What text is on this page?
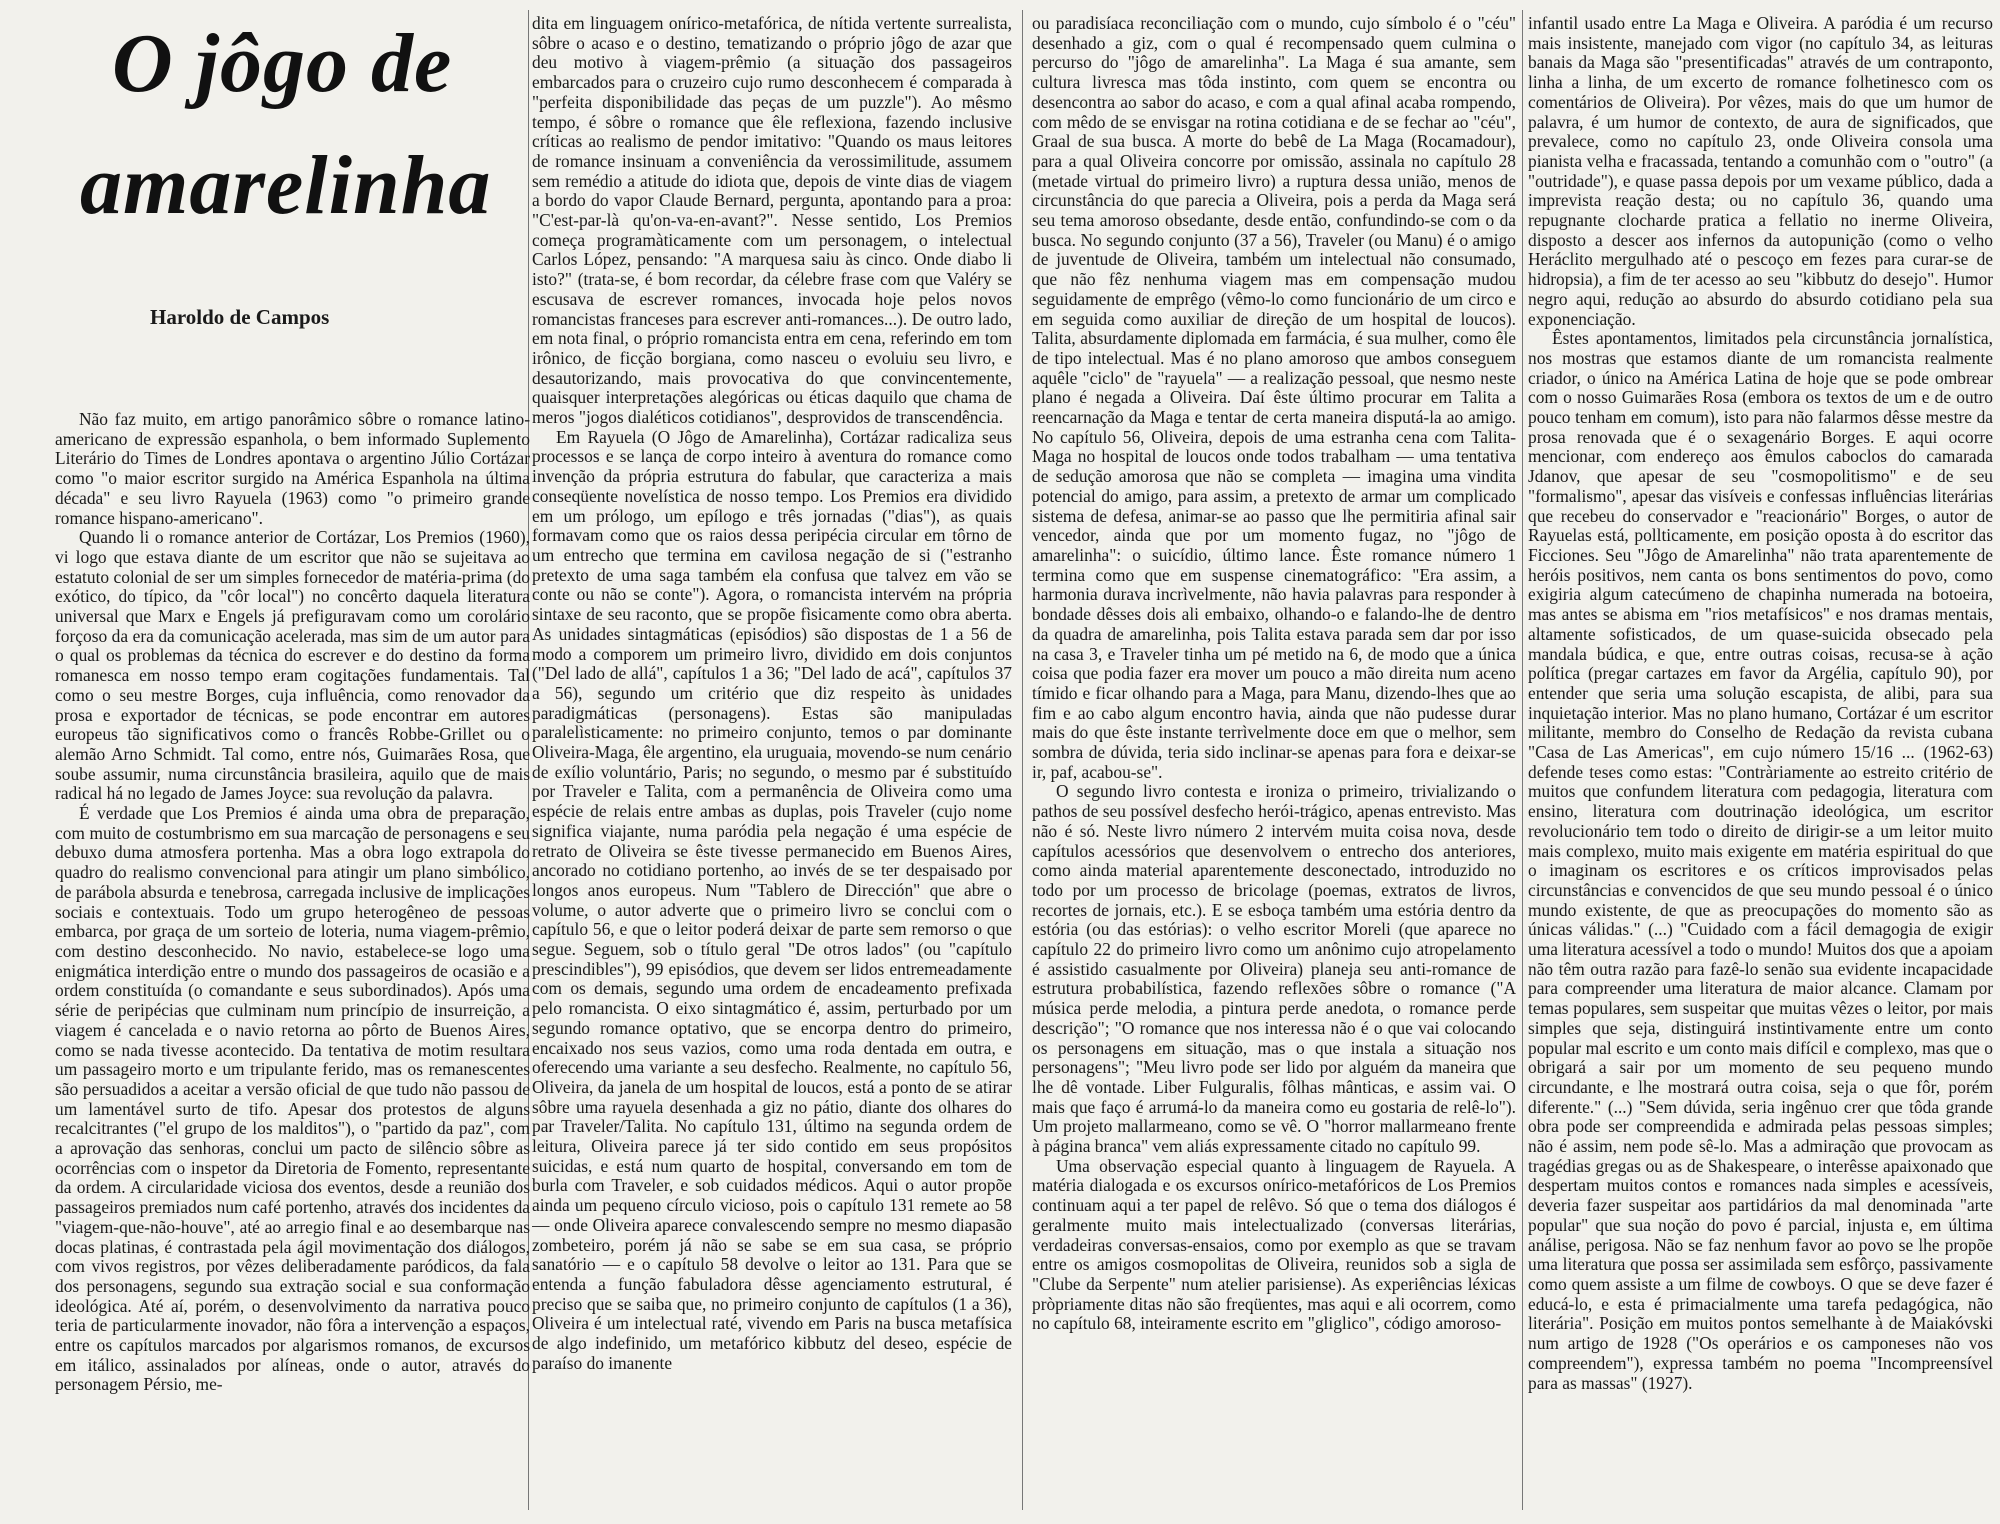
O jôgo de
amarelinha

Haroldo de Campos

Não faz muito, em artigo panorâmico sôbre o romance latino-americano de expressão espanhola, o bem informado Suplemento Literário do Times de Londres apontava o argentino Júlio Cortázar como "o maior escritor surgido na América Espanhola na última década" e seu livro Rayuela (1963) como "o primeiro grande romance hispano-americano".

Quando li o romance anterior de Cortázar, Los Premios (1960), vi logo que estava diante de um escritor que não se sujeitava ao estatuto colonial de ser um simples fornecedor de matéria-prima (do exótico, do típico, da "côr local") no concêrto daquela literatura universal que Marx e Engels já prefiguravam como um corolário forçoso da era da comunicação acelerada, mas sim de um autor para o qual os problemas da técnica do escrever e do destino da forma romanesca em nosso tempo eram cogitações fundamentais. Tal como o seu mestre Borges, cuja influência, como renovador da prosa e exportador de técnicas, se pode encontrar em autores europeus tão significativos como o francês Robbe-Grillet ou o alemão Arno Schmidt. Tal como, entre nós, Guimarães Rosa, que soube assumir, numa circunstância brasileira, aquilo que de mais radical há no legado de James Joyce: sua revolução da palavra.

É verdade que Los Premios é ainda uma obra de preparação, com muito de costumbrismo em sua marcação de personagens e seu debuxo duma atmosfera portenha. Mas a obra logo extrapola do quadro do realismo convencional para atingir um plano simbólico, de parábola absurda e tenebrosa, carregada inclusive de implicações sociais e contextuais. Todo um grupo heterogêneo de pessoas embarca, por graça de um sorteio de loteria, numa viagem-prêmio, com destino desconhecido. No navio, estabelece-se logo uma enigmática interdição entre o mundo dos passageiros de ocasião e a ordem constituída (o comandante e seus subordinados). Após uma série de peripécias que culminam num princípio de insurreição, a viagem é cancelada e o navio retorna ao pôrto de Buenos Aires, como se nada tivesse acontecido. Da tentativa de motim resultara um passageiro morto e um tripulante ferido, mas os remanescentes são persuadidos a aceitar a versão oficial de que tudo não passou de um lamentável surto de tifo. Apesar dos protestos de alguns recalcitrantes ("el grupo de los malditos"), o "partido da paz", com a aprovação das senhoras, conclui um pacto de silêncio sôbre as ocorrências com o inspetor da Diretoria de Fomento, representante da ordem. A circularidade viciosa dos eventos, desde a reunião dos passageiros premiados num café portenho, através dos incidentes da "viagem-que-não-houve", até ao arregio final e ao desembarque nas docas platinas, é contrastada pela ágil movimentação dos diálogos, com vivos registros, por vêzes deliberadamente paródicos, da fala dos personagens, segundo sua extração social e sua conformação ideológica. Até aí, porém, o desenvolvimento da narrativa pouco teria de particularmente inovador, não fôra a intervenção a espaços, entre os capítulos marcados por algarismos romanos, de excursos em itálico, assinalados por alíneas, onde o autor, através do personagem Pérsio, me-

dita em linguagem onírico-metafórica, de nítida vertente surrealista, sôbre o acaso e o destino, tematizando o próprio jôgo de azar que deu motivo à viagem-prêmio (a situação dos passageiros embarcados para o cruzeiro cujo rumo desconhecem é comparada à "perfeita disponibilidade das peças de um puzzle"). Ao mêsmo tempo, é sôbre o romance que êle reflexiona, fazendo inclusive críticas ao realismo de pendor imitativo: "Quando os maus leitores de romance insinuam a conveniência da verossimilitude, assumem sem remédio a atitude do idiota que, depois de vinte dias de viagem a bordo do vapor Claude Bernard, pergunta, apontando para a proa: "C'est-par-là qu'on-va-en-avant?". Nesse sentido, Los Premios começa programàticamente com um personagem, o intelectual Carlos López, pensando: "A marquesa saiu às cinco. Onde diabo li isto?" (trata-se, é bom recordar, da célebre frase com que Valéry se escusava de escrever romances, invocada hoje pelos novos romancistas franceses para escrever anti-romances...). De outro lado, em nota final, o próprio romancista entra em cena, referindo em tom irônico, de ficção borgiana, como nasceu o evoluiu seu livro, e desautorizando, mais provocativa do que convincentemente, quaisquer interpretações alegóricas ou éticas daquilo que chama de meros "jogos dialéticos cotidianos", desprovidos de transcendência.

Em Rayuela (O Jôgo de Amarelinha), Cortázar radicaliza seus processos e se lança de corpo inteiro à aventura do romance como invenção da própria estrutura do fabular, que caracteriza a mais conseqüente novelística de nosso tempo. Los Premios era dividido em um prólogo, um epílogo e três jornadas ("dias"), as quais formavam como que os raios dessa peripécia circular em tôrno de um entrecho que termina em cavilosa negação de si ("estranho pretexto de uma saga também ela confusa que talvez em vão se conte ou não se conte"). Agora, o romancista intervém na própria sintaxe de seu raconto, que se propõe fìsicamente como obra aberta. As unidades sintagmáticas (episódios) são dispostas de 1 a 56 de modo a comporem um primeiro livro, dividido em dois conjuntos ("Del lado de allá", capítulos 1 a 36; "Del lado de acá", capítulos 37 a 56), segundo um critério que diz respeito às unidades paradigmáticas (personagens). Estas são manipuladas paralelìsticamente: no primeiro conjunto, temos o par dominante Oliveira-Maga, êle argentino, ela uruguaia, movendo-se num cenário de exílio voluntário, Paris; no segundo, o mesmo par é substituído por Traveler e Talita, com a permanência de Oliveira como uma espécie de relais entre ambas as duplas, pois Traveler (cujo nome significa viajante, numa paródia pela negação é uma espécie de retrato de Oliveira se êste tivesse permanecido em Buenos Aires, ancorado no cotidiano portenho, ao invés de se ter despaisado por longos anos europeus. Num "Tablero de Dirección" que abre o volume, o autor adverte que o primeiro livro se conclui com o capítulo 56, e que o leitor poderá deixar de parte sem remorso o que segue. Seguem, sob o título geral "De otros lados" (ou "capítulo prescindibles"), 99 episódios, que devem ser lidos entremeadamente com os demais, segundo uma ordem de encadeamento prefixada pelo romancista. O eixo sintagmático é, assim, perturbado por um segundo romance optativo, que se encorpa dentro do primeiro, encaixado nos seus vazios, como uma roda dentada em outra, e oferecendo uma variante a seu desfecho. Realmente, no capítulo 56, Oliveira, da janela de um hospital de loucos, está a ponto de se atirar sôbre uma rayuela desenhada a giz no pátio, diante dos olhares do par Traveler/Talita. No capítulo 131, último na segunda ordem de leitura, Oliveira parece já ter sido contido em seus propósitos suicidas, e está num quarto de hospital, conversando em tom de burla com Traveler, e sob cuidados médicos. Aqui o autor propõe ainda um pequeno círculo vicioso, pois o capítulo 131 remete ao 58 — onde Oliveira aparece convalescendo sempre no mesmo diapasão zombeteiro, porém já não se sabe se em sua casa, se próprio sanatório — e o capítulo 58 devolve o leitor ao 131. Para que se entenda a função fabuladora dêsse agenciamento estrutural, é preciso que se saiba que, no primeiro conjunto de capítulos (1 a 36), Oliveira é um intelectual raté, vivendo em Paris na busca metafísica de algo indefinido, um metafórico kibbutz del deseo, espécie de paraíso do imanente

ou paradisíaca reconciliação com o mundo, cujo símbolo é o "céu" desenhado a giz, com o qual é recompensado quem culmina o percurso do "jôgo de amarelinha". La Maga é sua amante, sem cultura livresca mas tôda instinto, com quem se encontra ou desencontra ao sabor do acaso, e com a qual afinal acaba rompendo, com mêdo de se envisgar na rotina cotidiana e de se fechar ao "céu", Graal de sua busca. A morte do bebê de La Maga (Rocamadour), para a qual Oliveira concorre por omissão, assinala no capítulo 28 (metade virtual do primeiro livro) a ruptura dessa união, menos de circunstância do que parecia a Oliveira, pois a perda da Maga será seu tema amoroso obsedante, desde então, confundindo-se com o da busca. No segundo conjunto (37 a 56), Traveler (ou Manu) é o amigo de juventude de Oliveira, também um intelectual não consumado, que não fêz nenhuma viagem mas em compensação mudou seguidamente de emprêgo (vêmo-lo como funcionário de um circo e em seguida como auxiliar de direção de um hospital de loucos). Talita, absurdamente diplomada em farmácia, é sua mulher, como êle de tipo intelectual. Mas é no plano amoroso que ambos conseguem aquêle "ciclo" de "rayuela" — a realização pessoal, que nesmo neste plano é negada a Oliveira. Daí êste último procurar em Talita a reencarnação da Maga e tentar de certa maneira disputá-la ao amigo. No capítulo 56, Oliveira, depois de uma estranha cena com Talita-Maga no hospital de loucos onde todos trabalham — uma tentativa de sedução amorosa que não se completa — imagina uma vindita potencial do amigo, para assim, a pretexto de armar um complicado sistema de defesa, animar-se ao passo que lhe permitiria afinal sair vencedor, ainda que por um momento fugaz, no "jôgo de amarelinha": o suicídio, último lance. Êste romance número 1 termina como que em suspense cinematográfico: "Era assim, a harmonia durava incrìvelmente, não havia palavras para responder à bondade dêsses dois ali embaixo, olhando-o e falando-lhe de dentro da quadra de amarelinha, pois Talita estava parada sem dar por isso na casa 3, e Traveler tinha um pé metido na 6, de modo que a única coisa que podia fazer era mover um pouco a mão direita num aceno tímido e ficar olhando para a Maga, para Manu, dizendo-lhes que ao fim e ao cabo algum encontro havia, ainda que não pudesse durar mais do que êste instante terrìvelmente doce em que o melhor, sem sombra de dúvida, teria sido inclinar-se apenas para fora e deixar-se ir, paf, acabou-se".

O segundo livro contesta e ironiza o primeiro, trivializando o pathos de seu possível desfecho herói-trágico, apenas entrevisto. Mas não é só. Neste livro número 2 intervém muita coisa nova, desde capítulos acessórios que desenvolvem o entrecho dos anteriores, como ainda material aparentemente desconectado, introduzido no todo por um processo de bricolage (poemas, extratos de livros, recortes de jornais, etc.). E se esboça também uma estória dentro da estória (ou das estórias): o velho escritor Moreli (que aparece no capítulo 22 do primeiro livro como um anônimo cujo atropelamento é assistido casualmente por Oliveira) planeja seu anti-romance de estrutura probabilística, fazendo reflexões sôbre o romance ("A música perde melodia, a pintura perde anedota, o romance perde descrição"; "O romance que nos interessa não é o que vai colocando os personagens em situação, mas o que instala a situação nos personagens"; "Meu livro pode ser lido por alguém da maneira que lhe dê vontade. Liber Fulguralis, fôlhas mânticas, e assim vai. O mais que faço é arrumá-lo da maneira como eu gostaria de relê-lo"). Um projeto mallarmeano, como se vê. O "horror mallarmeano frente à página branca" vem aliás expressamente citado no capítulo 99.

Uma observação especial quanto à linguagem de Rayuela. A matéria dialogada e os excursos onírico-metafóricos de Los Premios continuam aqui a ter papel de relêvo. Só que o tema dos diálogos é geralmente muito mais intelectualizado (conversas literárias, verdadeiras conversas-ensaios, como por exemplo as que se travam entre os amigos cosmopolitas de Oliveira, reunidos sob a sigla de "Clube da Serpente" num atelier parisiense). As experiências léxicas pròpriamente ditas não são freqüentes, mas aqui e ali ocorrem, como no capítulo 68, inteiramente escrito em "gliglico", código amoroso-

infantil usado entre La Maga e Oliveira. A paródia é um recurso mais insistente, manejado com vigor (no capítulo 34, as leituras banais da Maga são "presentificadas" através de um contraponto, linha a linha, de um excerto de romance folhetinesco com os comentários de Oliveira). Por vêzes, mais do que um humor de palavra, é um humor de contexto, de aura de significados, que prevalece, como no capítulo 23, onde Oliveira consola uma pianista velha e fracassada, tentando a comunhão com o "outro" (a "outridade"), e quase passa depois por um vexame público, dada a imprevista reação desta; ou no capítulo 36, quando uma repugnante clocharde pratica a fellatio no inerme Oliveira, disposto a descer aos infernos da autopunição (como o velho Heráclito mergulhado até o pescoço em fezes para curar-se de hidropsia), a fim de ter acesso ao seu "kibbutz do desejo". Humor negro aqui, redução ao absurdo do absurdo cotidiano pela sua exponenciação.

Êstes apontamentos, limitados pela circunstância jornalística, nos mostras que estamos diante de um romancista realmente criador, o único na América Latina de hoje que se pode ombrear com o nosso Guimarães Rosa (embora os textos de um e de outro pouco tenham em comum), isto para não falarmos dêsse mestre da prosa renovada que é o sexagenário Borges. E aqui ocorre mencionar, com endereço aos êmulos caboclos do camarada Jdanov, que apesar de seu "cosmopolitismo" e de seu "formalismo", apesar das visíveis e confessas influências literárias que recebeu do conservador e "reacionário" Borges, o autor de Rayuelas está, pollticamente, em posição oposta à do escritor das Ficciones. Seu "Jôgo de Amarelinha" não trata aparentemente de heróis positivos, nem canta os bons sentimentos do povo, como exigiria algum catecúmeno de chapinha numerada na botoeira, mas antes se abisma em "rios metafísicos" e nos dramas mentais, altamente sofisticados, de um quase-suicida obsecado pela mandala búdica, e que, entre outras coisas, recusa-se à ação política (pregar cartazes em favor da Argélia, capítulo 90), por entender que seria uma solução escapista, de alibi, para sua inquietação interior. Mas no plano humano, Cortázar é um escritor militante, membro do Conselho de Redação da revista cubana "Casa de Las Americas", em cujo número 15/16 ... (1962-63) defende teses como estas: "Contràriamente ao estreito critério de muitos que confundem literatura com pedagogia, literatura com ensino, literatura com doutrinação ideológica, um escritor revolucionário tem todo o direito de dirigir-se a um leitor muito mais complexo, muito mais exigente em matéria espiritual do que o imaginam os escritores e os críticos improvisados pelas circunstâncias e convencidos de que seu mundo pessoal é o único mundo existente, de que as preocupações do momento são as únicas válidas." (...) "Cuidado com a fácil demagogia de exigir uma literatura acessível a todo o mundo! Muitos dos que a apoiam não têm outra razão para fazê-lo senão sua evidente incapacidade para compreender uma literatura de maior alcance. Clamam por temas populares, sem suspeitar que muitas vêzes o leitor, por mais simples que seja, distinguirá instintivamente entre um conto popular mal escrito e um conto mais difícil e complexo, mas que o obrigará a sair por um momento de seu pequeno mundo circundante, e lhe mostrará outra coisa, seja o que fôr, porém diferente." (...) "Sem dúvida, seria ingênuo crer que tôda grande obra pode ser compreendida e admirada pelas pessoas simples; não é assim, nem pode sê-lo. Mas a admiração que provocam as tragédias gregas ou as de Shakespeare, o interêsse apaixonado que despertam muitos contos e romances nada simples e acessíveis, deveria fazer suspeitar aos partidários da mal denominada "arte popular" que sua noção do povo é parcial, injusta e, em última análise, perigosa. Não se faz nenhum favor ao povo se lhe propõe uma literatura que possa ser assimilada sem esfôrço, passivamente como quem assiste a um filme de cowboys. O que se deve fazer é educá-lo, e esta é primacialmente uma tarefa pedagógica, não literária". Posição em muitos pontos semelhante à de Maiakóvski num artigo de 1928 ("Os operários e os camponeses não vos compreendem"), expressa também no poema "Incompreensível para as massas" (1927).
